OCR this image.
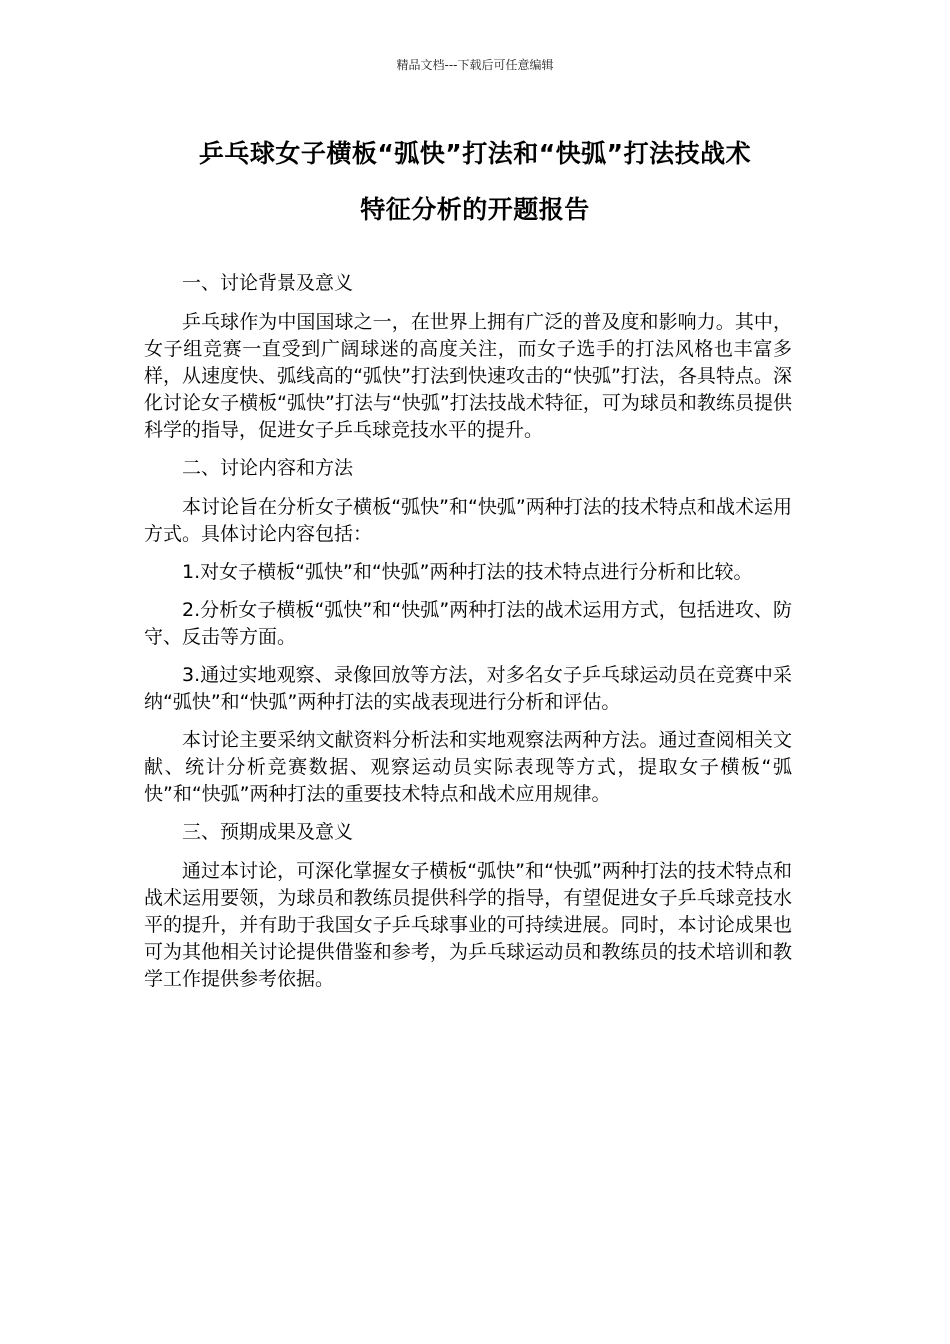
精品文档---下载后可任意编辑
乒乓球女子横板“弧快”打法和“快弧”打法技战术
特征分析的开题报告

一、讨论背景及意义

乒乓球作为中国国球之一，在世界上拥有广泛的普及度和影响力。其中，女子组竞赛一直受到广阔球迷的高度关注，而女子选手的打法风格也丰富多样，从速度快、弧线高的“弧快”打法到快速攻击的“快弧”打法，各具特点。深化讨论女子横板“弧快”打法与“快弧”打法技战术特征，可为球员和教练员提供科学的指导，促进女子乒乓球竞技水平的提升。

二、讨论内容和方法

本讨论旨在分析女子横板“弧快”和“快弧”两种打法的技术特点和战术运用方式。具体讨论内容包括：

1.对女子横板“弧快”和“快弧”两种打法的技术特点进行分析和比较。

2.分析女子横板“弧快”和“快弧”两种打法的战术运用方式，包括进攻、防守、反击等方面。

3.通过实地观察、录像回放等方法，对多名女子乒乓球运动员在竞赛中采纳“弧快”和“快弧”两种打法的实战表现进行分析和评估。

本讨论主要采纳文献资料分析法和实地观察法两种方法。通过查阅相关文献、统计分析竞赛数据、观察运动员实际表现等方式，提取女子横板“弧快”和“快弧”两种打法的重要技术特点和战术应用规律。

三、预期成果及意义

通过本讨论，可深化掌握女子横板“弧快”和“快弧”两种打法的技术特点和战术运用要领，为球员和教练员提供科学的指导，有望促进女子乒乓球竞技水平的提升，并有助于我国女子乒乓球事业的可持续进展。同时，本讨论成果也可为其他相关讨论提供借鉴和参考，为乒乓球运动员和教练员的技术培训和教学工作提供参考依据。
